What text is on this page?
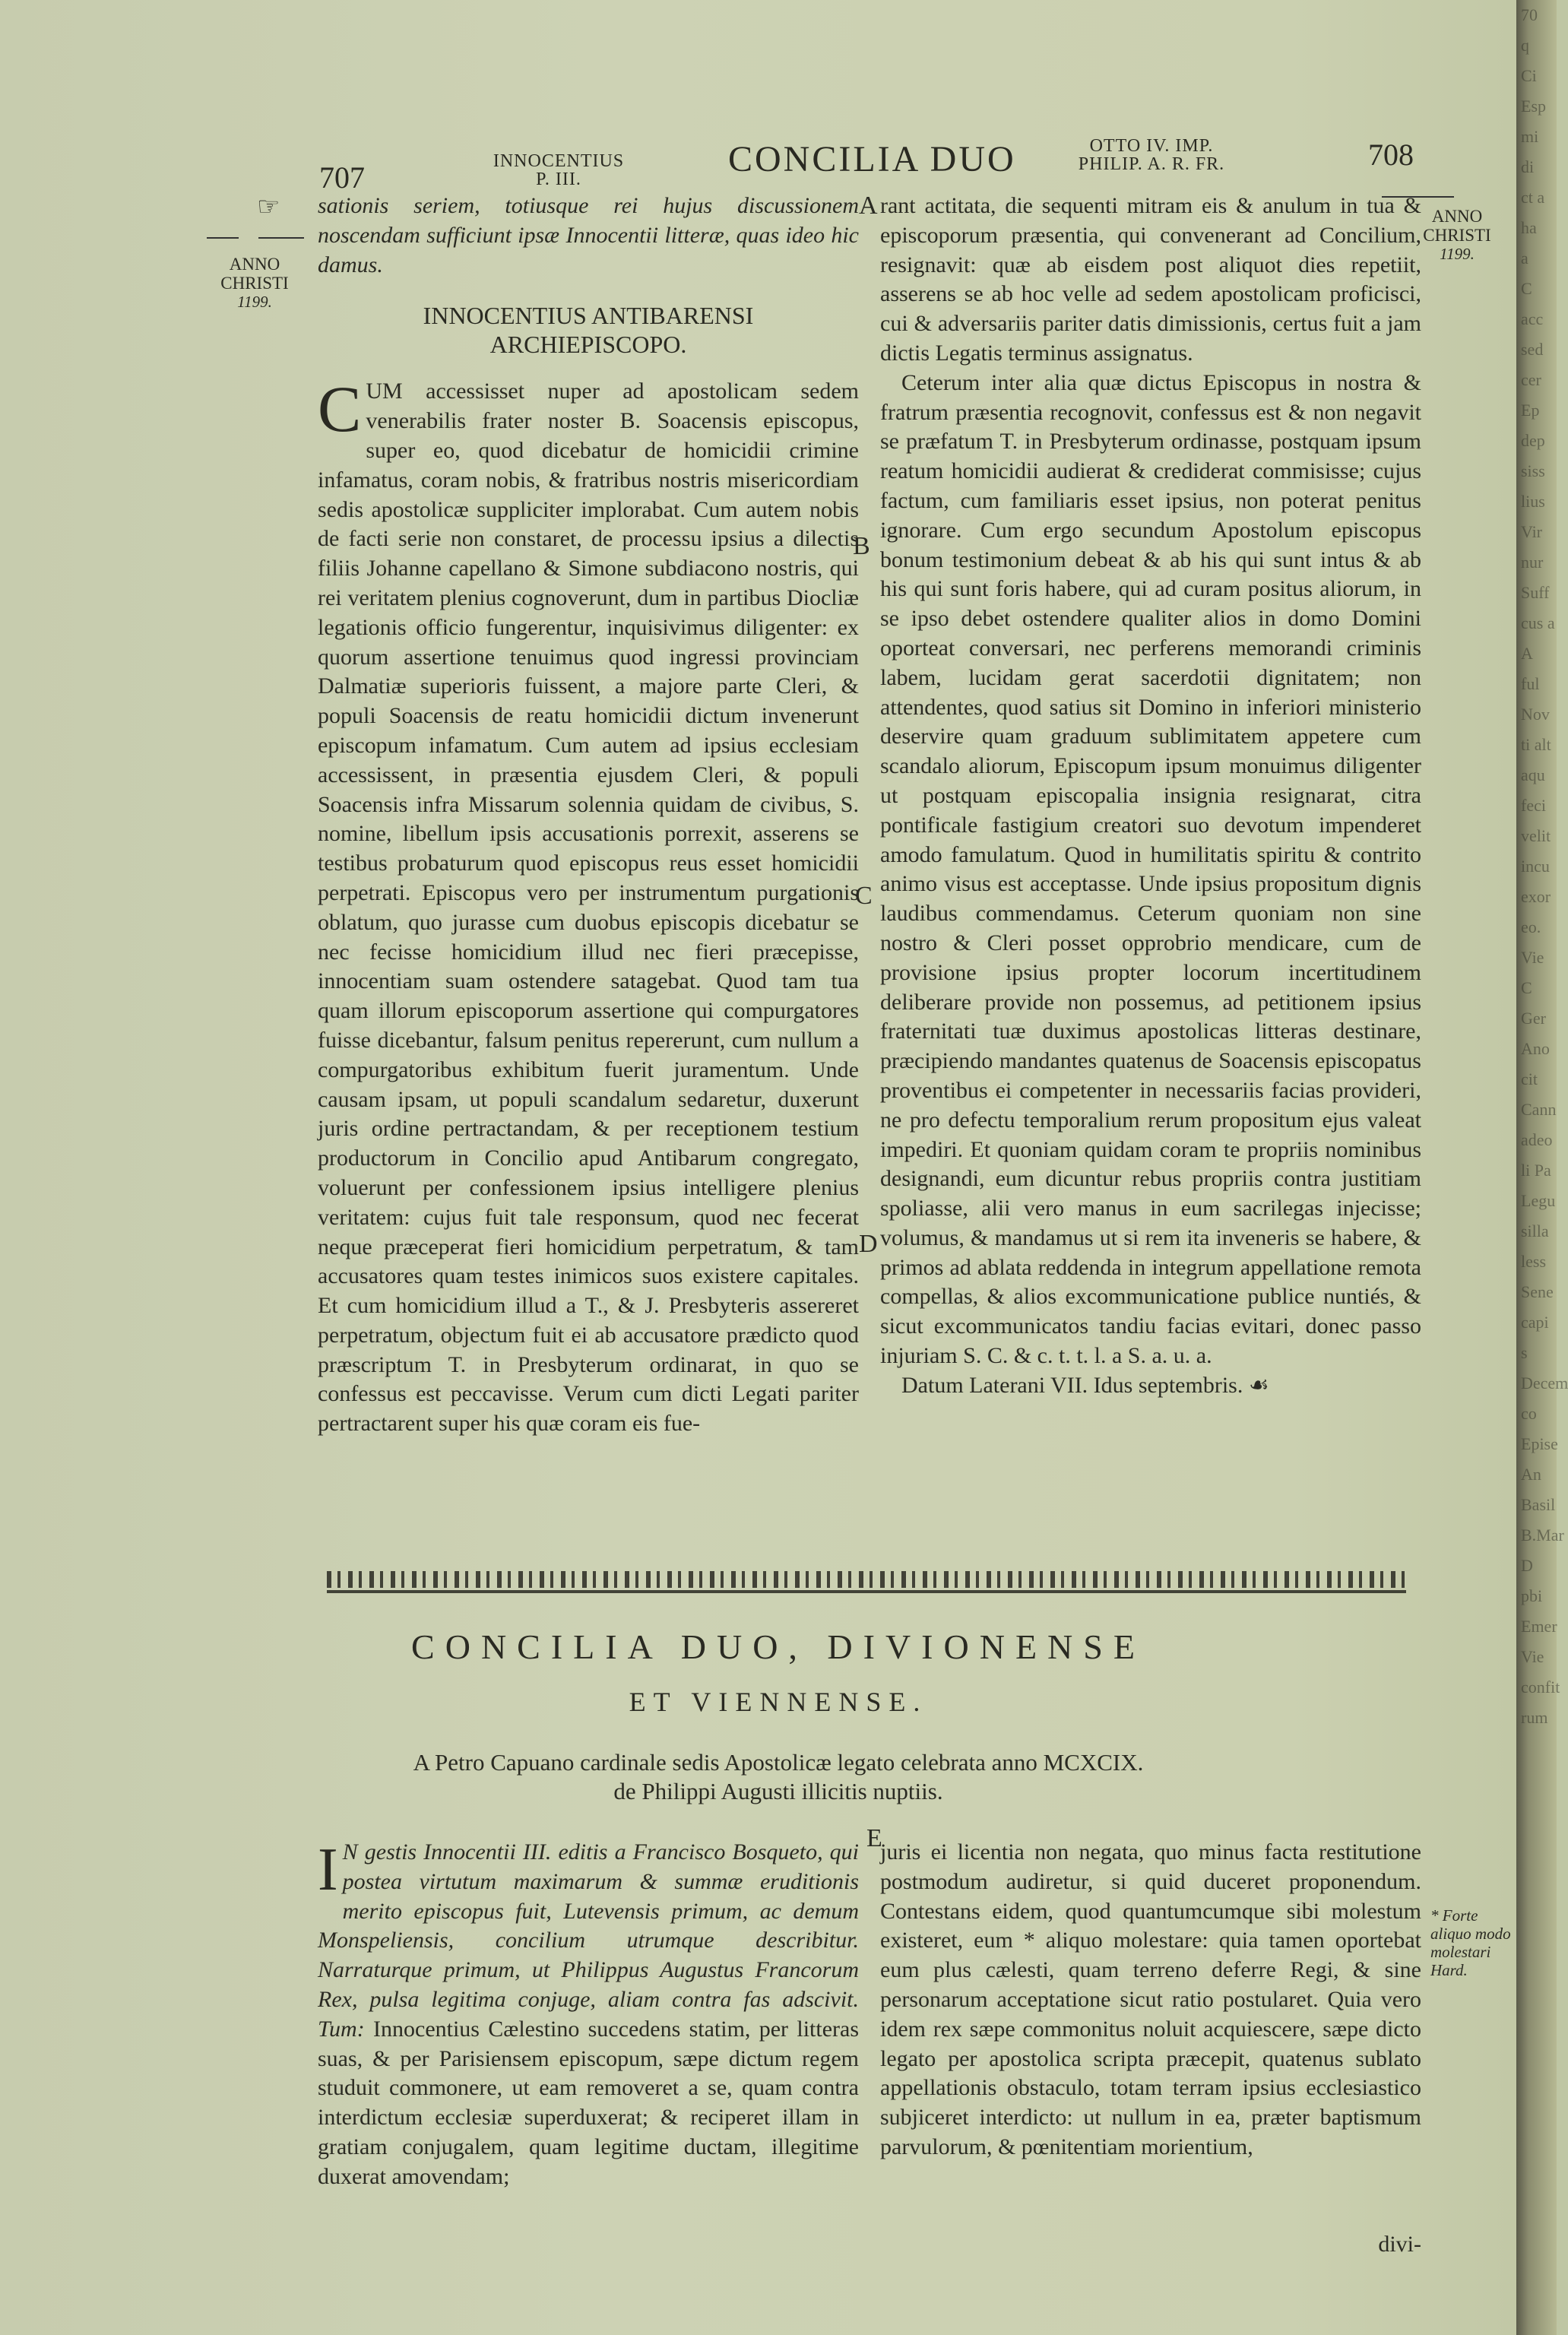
707	INNOCENTIUS
P. III.	CONCILIA DUO	OTTO IV. IMP.
PHILIP. A. R. FR.	708
☞
ANNO
CHRISTI
1199.
ANNO
CHRISTI
1199.
A
B
C
D
E

sationis seriem, totiusque rei hujus discussionem noscendam sufficiunt ipsæ Innocentii litteræ, quas ideo hic damus.

INNOCENTIUS ANTIBARENSI
ARCHIEPISCOPO.

CUM accessisset nuper ad apostolicam sedem venerabilis frater noster B. Soacensis episcopus, super eo, quod dicebatur de homicidii crimine infamatus, coram nobis, & fratribus nostris misericordiam sedis apostolicæ suppliciter implorabat. Cum autem nobis de facti serie non constaret, de processu ipsius a dilectis filiis Johanne capellano & Simone subdiacono nostris, qui rei veritatem plenius cognoverunt, dum in partibus Diocliæ legationis officio fungerentur, inquisivimus diligenter: ex quorum assertione tenuimus quod ingressi provinciam Dalmatiæ superioris fuissent, a majore parte Cleri, & populi Soacensis de reatu homicidii dictum invenerunt episcopum infamatum. Cum autem ad ipsius ecclesiam accessissent, in præsentia ejusdem Cleri, & populi Soacensis infra Missarum solennia quidam de civibus, S. nomine, libellum ipsis accusationis porrexit, asserens se testibus probaturum quod episcopus reus esset homicidii perpetrati. Episcopus vero per instrumentum purgationis oblatum, quo jurasse cum duobus episcopis dicebatur se nec fecisse homicidium illud nec fieri præcepisse, innocentiam suam ostendere satagebat. Quod tam tua quam illorum episcoporum assertione qui compurgatores fuisse dicebantur, falsum penitus repererunt, cum nullum a compurgatoribus exhibitum fuerit juramentum. Unde causam ipsam, ut populi scandalum sedaretur, duxerunt juris ordine pertractandam, & per receptionem testium productorum in Concilio apud Antibarum congregato, voluerunt per confessionem ipsius intelligere plenius veritatem: cujus fuit tale responsum, quod nec fecerat neque præceperat fieri homicidium perpetratum, & tam accusatores quam testes inimicos suos existere capitales. Et cum homicidium illud a T., & J. Presbyteris assereret perpetratum, objectum fuit ei ab accusatore prædicto quod præscriptum T. in Presbyterum ordinarat, in quo se confessus est peccavisse. Verum cum dicti Legati pariter pertractarent super his quæ coram eis fue-

rant actitata, die sequenti mitram eis & anulum in tua & episcoporum præsentia, qui convenerant ad Concilium, resignavit: quæ ab eisdem post aliquot dies repetiit, asserens se ab hoc velle ad sedem apostolicam proficisci, cui & adversariis pariter datis dimissionis, certus fuit a jam dictis Legatis terminus assignatus.

Ceterum inter alia quæ dictus Episcopus in nostra & fratrum præsentia recognovit, confessus est & non negavit se præfatum T. in Presbyterum ordinasse, postquam ipsum reatum homicidii audierat & crediderat commisisse; cujus factum, cum familiaris esset ipsius, non poterat penitus ignorare. Cum ergo secundum Apostolum episcopus bonum testimonium debeat & ab his qui sunt intus & ab his qui sunt foris habere, qui ad curam positus aliorum, in se ipso debet ostendere qualiter alios in domo Domini oporteat conversari, nec perferens memorandi criminis labem, lucidam gerat sacerdotii dignitatem; non attendentes, quod satius sit Domino in inferiori ministerio deservire quam graduum sublimitatem appetere cum scandalo aliorum, Episcopum ipsum monuimus diligenter ut postquam episcopalia insignia resignarat, citra pontificale fastigium creatori suo devotum impenderet amodo famulatum. Quod in humilitatis spiritu & contrito animo visus est acceptasse. Unde ipsius propositum dignis laudibus commendamus. Ceterum quoniam non sine nostro & Cleri posset opprobrio mendicare, cum de provisione ipsius propter locorum incertitudinem deliberare provide non possemus, ad petitionem ipsius fraternitati tuæ duximus apostolicas litteras destinare, præcipiendo mandantes quatenus de Soacensis episcopatus proventibus ei competenter in necessariis facias provideri, ne pro defectu temporalium rerum propositum ejus valeat impediri. Et quoniam quidam coram te propriis nominibus designandi, eum dicuntur rebus propriis contra justitiam spoliasse, alii vero manus in eum sacrilegas injecisse; volumus, & mandamus ut si rem ita inveneris se habere, & primos ad ablata reddenda in integrum appellatione remota compellas, & alios excommunicatione publice nuntiés, & sicut excommunicatos tandiu facias evitari, donec passo injuriam S. C. & c. t. t. l. a S. a. u. a.

Datum Laterani VII. Idus septembris. ☙

CONCILIA DUO, DIVIONENSE
ET VIENNENSE.
A Petro Capuano cardinale sedis Apostolicæ legato celebrata anno MCXCIX.
de Philippi Augusti illicitis nuptiis.

I N gestis Innocentii III. editis a Francisco Bosqueto, qui postea virtutum maximarum & summæ eruditionis merito episcopus fuit, Lutevensis primum, ac demum Monspeliensis, concilium utrumque describitur. Narraturque primum, ut Philippus Augustus Francorum Rex, pulsa legitima conjuge, aliam contra fas adscivit. Tum: Innocentius Cælestino succedens statim, per litteras suas, & per Parisiensem episcopum, sæpe dictum regem studuit commonere, ut eam removeret a se, quam contra interdictum ecclesiæ superduxerat; & reciperet illam in gratiam conjugalem, quam legitime ductam, illegitime duxerat amovendam;

juris ei licentia non negata, quo minus facta restitutione postmodum audiretur, si quid duceret proponendum. Contestans eidem, quod quantumcumque sibi molestum existeret, eum * aliquo molestare: quia tamen oportebat eum plus cælesti, quam terreno deferre Regi, & sine personarum acceptatione sicut ratio postularet. Quia vero idem rex sæpe commonitus noluit acquiescere, sæpe dicto legato per apostolica scripta præcepit, quatenus sublato appellationis obstaculo, totam terram ipsius ecclesiastico subjiceret interdicto: ut nullum in ea, præter baptismum parvulorum, & pœnitentiam morientium,

divi-
* Forte aliquo modo molestari Hard.
70
q
Ci
Esp
mi
di
ct a
ha
a
C
acc
sed
cer
Ep
dep
siss
lius
Vir
nur
Suff
cus a
A
ful
Nov
ti alt
aqu
feci
velit
incu
exor
eo.
Vie
C
Ger
Ano
cit
Cann
adeo
li Pa
Legu
silla
less
Sene
capi
s
Decem
co
Epise
An
Basil
B.Mar
D
pbi
Emer
Vie
confit
rum
